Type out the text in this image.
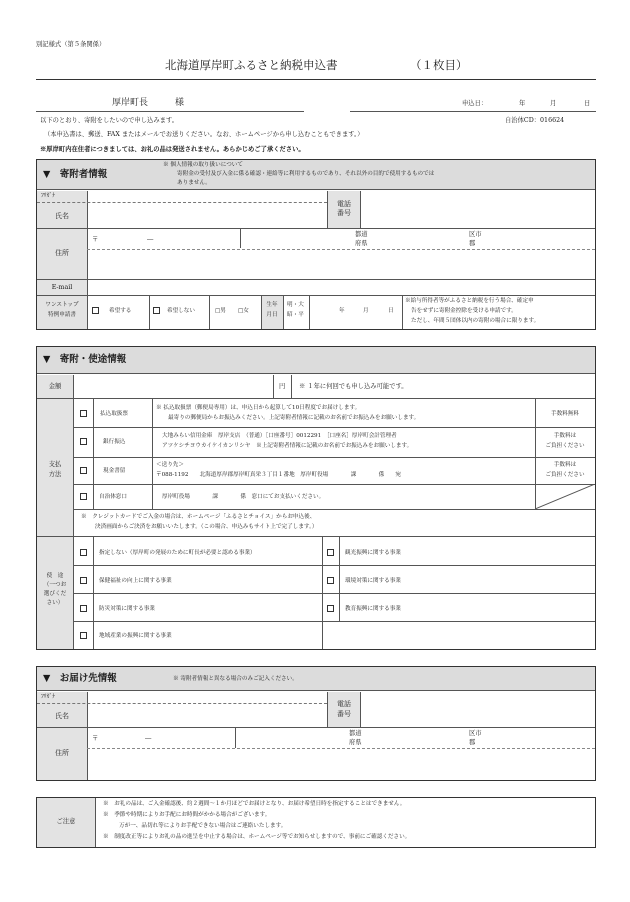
別記様式（第５条関係）
北海道厚岸町ふるさと納税申込書	（１枚目）
厚岸町長　　　様	申込日：	年	月	日
以下のとおり、寄附をしたいので申し込みます。	自治体CD：016624
（本申込書は、郵送、FAX またはメールでお送りください。なお、ホームページから申し込むこともできます。）
※厚岸町内在住者につきましては、お礼の品は発送されません。あらかじめご了承ください。
▼　寄附者情報
※ 個人情報の取り扱いについて
寄附金の受付及び入金に係る確認・連絡等に利用するものであり、それ以外の目的で使用するものでは
ありません。
ﾌﾘｶﾞﾅ
氏名
電話
番号
住所
〒	―
都道
府県
区市
郡
E-mail
ワンストップ
特例申請書
希望する	希望しない	□男 □女
生年
月日
明・大
昭・平
年	月	日
※給与所得者等がふるさと納税を行う場合、確定申
告をせずに寄附金控除を受ける申請です。
ただし、年間５団体以内の寄附の場合に限ります。
▼　寄附・使途情報
金額	円 ※ １年に何回でも申し込み可能です。
支払
方法
払込取扱票
※ 払込取扱票（郵便局専用）は、申込日から起算して10日程度でお届けします。
最寄りの郵便局からお振込みください。上記寄附者情報に記載のお名前でお振込みをお願いします。
手数料無料
銀行振込
大地みらい信用金庫　厚岸支店　（普通）［口座番号］0012291　［口座名］厚岸町会計管理者
アツケシチヨウカイケイカンリシヤ　※上記寄附者情報に記載のお名前でお振込みをお願いします。
手数料は
ご負担ください
現金書留
＜送り先＞
〒088-1192　　北海道厚岸郡厚岸町真栄３丁目１番地　厚岸町役場　　　　課　　　　係　　宛
手数料は
ご負担ください
自治体窓口	厚岸町役場　　　　課　　　　係　窓口にてお支払いください。
※　クレジットカードでご入金の場合は、ホームページ「ふるさとチョイス」からお申込後、
決済画面からご決済をお願いいたします。（この場合、申込みもサイト上で完了します。）
使　途
（一つお
選びくだ
さい）
指定しない（厚岸町の発展のために町長が必要と認める事業）	観光振興に関する事業
保健福祉の向上に関する事業	環境対策に関する事業
防災対策に関する事業	教育振興に関する事業
地域産業の振興に関する事業
▼　お届け先情報	※ 寄附者情報と異なる場合のみご記入ください。
ﾌﾘｶﾞﾅ
氏名
電話
番号
住所
〒	―
都道
府県
区市
郡
ご注意
※　お礼の品は、ご入金確認後、約２週間～１か月ほどでお届けとなり、お届け希望日時を指定することはできません。
※　季節や時期によりお手配にお時間がかかる場合がございます。
万が一、品切れ等によりお手配できない場合はご連絡いたします。
※　制度改正等によりお礼の品の進呈を中止する場合は、ホームページ等でお知らせしますので、事前にご確認ください。
